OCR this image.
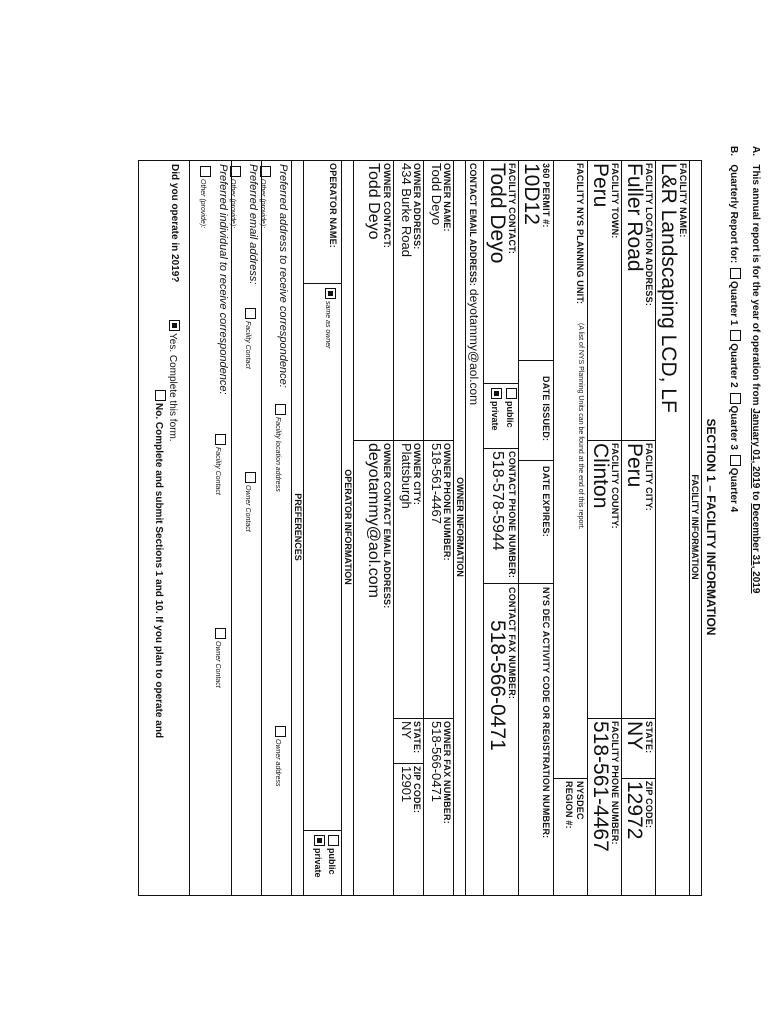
A.   This annual report is for the year of operation from January 01, 2019 to December 31, 2019
B.   Quarterly Report for: Quarter 1 Quarter 2 Quarter 3 Quarter 4
SECTION 1 – FACILITY INFORMATION
FACILITY INFORMATION
FACILITY NAME:
L&R Landscaping LCD, LF
FACILITY LOCATION ADDRESS:
Fuller Road
FACILITY CITY:
Peru
STATE:
NY
ZIP CODE:
12972
FACILITY TOWN:
Peru
FACILITY COUNTY:
Clinton
FACILITY PHONE NUMBER:
518-561-4467
FACILITY NYS PLANNING UNIT:
(A list of NYS Planning Units can be found at the end of this report.
NYSDEC REGION #:
360 PERMIT #:
10D12
DATE ISSUED:
DATE EXPIRES:
NYS DEC ACTIVITY CODE OR REGISTRATION NUMBER:
FACILITY CONTACT:
Todd Deyo
public
private
CONTACT PHONE NUMBER:
518-578-5944
CONTACT FAX NUMBER:
518-566-0471
CONTACT EMAIL ADDRESS: deyotammy@aol.com
OWNER INFORMATION
OWNER NAME:
Todd Deyo
OWNER PHONE NUMBER:
518-561-4467
OWNER FAX NUMBER:
518-566-0471
OWNER ADDRESS:
434 Burke Road
OWNER CITY:
Plattsburgh
STATE:
NY
ZIP CODE:
12901
OWNER CONTACT:
Todd Deyo
OWNER CONTACT EMAIL ADDRESS:
deyotammy@aol.com
OPERATOR INFORMATION
OPERATOR NAME:
same as owner
public
private
PREFERENCES
Preferred address to receive correspondence:
Facility location address
Owner address
Other (provide):
Preferred email address:
Facility Contact
Owner Contact
Other (provide):
Preferred individual to receive correspondence:
Facility Contact
Owner Contact
Other (provide):
Did you operate in 2019?
Yes. Complete this form.
No. Complete and submit Sections 1 and 10. If you plan to operate and
